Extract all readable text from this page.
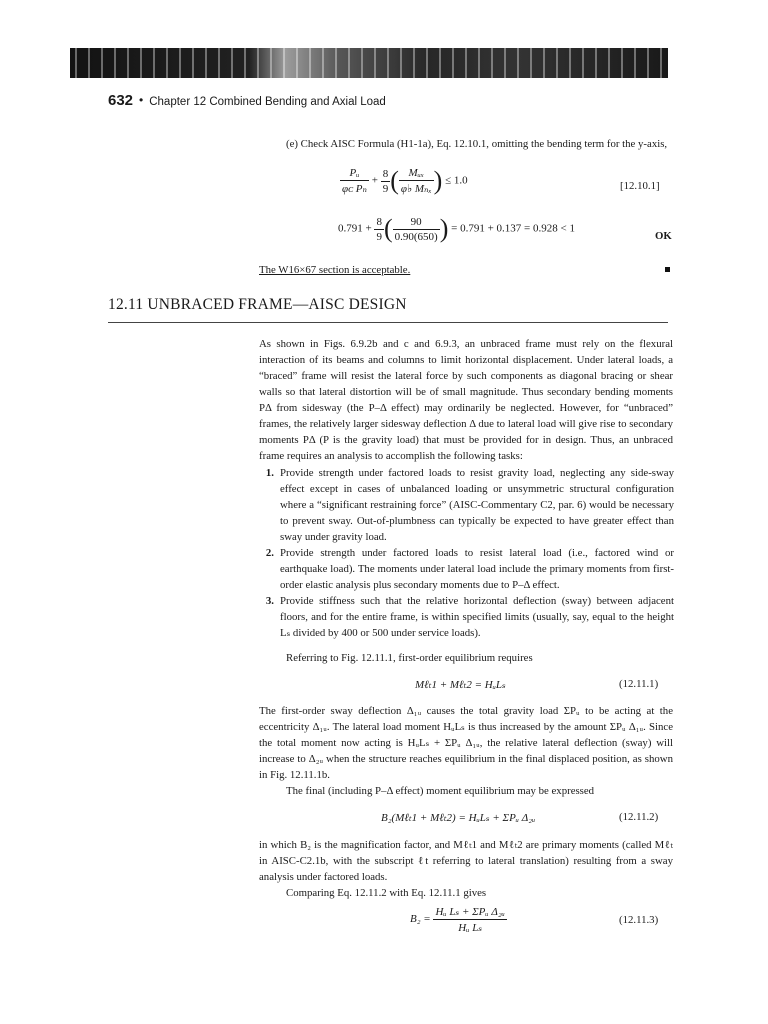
632 • Chapter 12 Combined Bending and Axial Load
(e) Check AISC Formula (H1-1a), Eq. 12.10.1, omitting the bending term for the y-axis,
$\frac{\text{Pᵤ}}{\text{φᴄ Pₙ}} + \frac{8}{9}$ ( $\frac{\text{Mᵤₓ}}{\text{φ♭ Mₙₓ}}$ ) ≤ 1.0	[12.10.1]
$0.791 + \frac{8}{9}$ ( $\frac{90}{0.90(650)}$ ) = 0.791 + 0.137 = 0.928 < 1
OK
The W16×67 section is acceptable.
12.11 UNBRACED FRAME—AISC DESIGN
As shown in Figs. 6.9.2b and c and 6.9.3, an unbraced frame must rely on the flexural interaction of its beams and columns to limit horizontal displacement. Under lateral loads, a “braced” frame will resist the lateral force by such components as diagonal bracing or shear walls so that lateral distortion will be of small magnitude. Thus secondary bending moments PΔ from sidesway (the P–Δ effect) may ordinarily be neglected. However, for “unbraced” frames, the relatively larger sidesway deflection Δ due to lateral load will give rise to secondary moments PΔ (P is the gravity load) that must be provided for in design. Thus, an unbraced frame requires an analysis to accomplish the following tasks:
1. Provide strength under factored loads to resist gravity load, neglecting any side-sway effect except in cases of unbalanced loading or unsymmetric structural configuration where a “significant restraining force” (AISC-Commentary C2, par. 6) would be necessary to prevent sway. Out-of-plumbness can typically be expected to have greater effect than sway under gravity load.
2. Provide strength under factored loads to resist lateral load (i.e., factored wind or earthquake load). The moments under lateral load include the primary moments from first-order elastic analysis plus secondary moments due to P–Δ effect.
3. Provide stiffness such that the relative horizontal deflection (sway) between adjacent floors, and for the entire frame, is within specified limits (usually, say, equal to the height Lₛ divided by 400 or 500 under service loads).
Referring to Fig. 12.11.1, first-order equilibrium requires
Mℓₜ1 + Mℓₜ2 = HᵤLₛ	(12.11.1)
The first-order sway deflection Δ₁ᵤ causes the total gravity load ΣPᵤ to be acting at the eccentricity Δ₁ᵤ. The lateral load moment HᵤLₛ is thus increased by the amount ΣPᵤ Δ₁ᵤ. Since the total moment now acting is HᵤLₛ + ΣPᵤ Δ₁ᵤ, the relative lateral deflection (sway) will increase to Δ₂ᵤ when the structure reaches equilibrium in the final displaced position, as shown in Fig. 12.11.1b.
The final (including P–Δ effect) moment equilibrium may be expressed
B₂(Mℓₜ1 + Mℓₜ2) = HᵤLₛ + ΣPᵤ Δ₂ᵤ	(12.11.2)
in which B₂ is the magnification factor, and Mℓₜ1 and Mℓₜ2 are primary moments (called Mℓₜ in AISC-C2.1b, with the subscript ℓt referring to lateral translation) resulting from a sway analysis under factored loads.
Comparing Eq. 12.11.2 with Eq. 12.11.1 gives
$B_2 = \frac{\text{Hᵤ Lₛ + ΣPᵤ Δ₂ᵤ}}{\text{Hᵤ Lₛ}}$	(12.11.3)
